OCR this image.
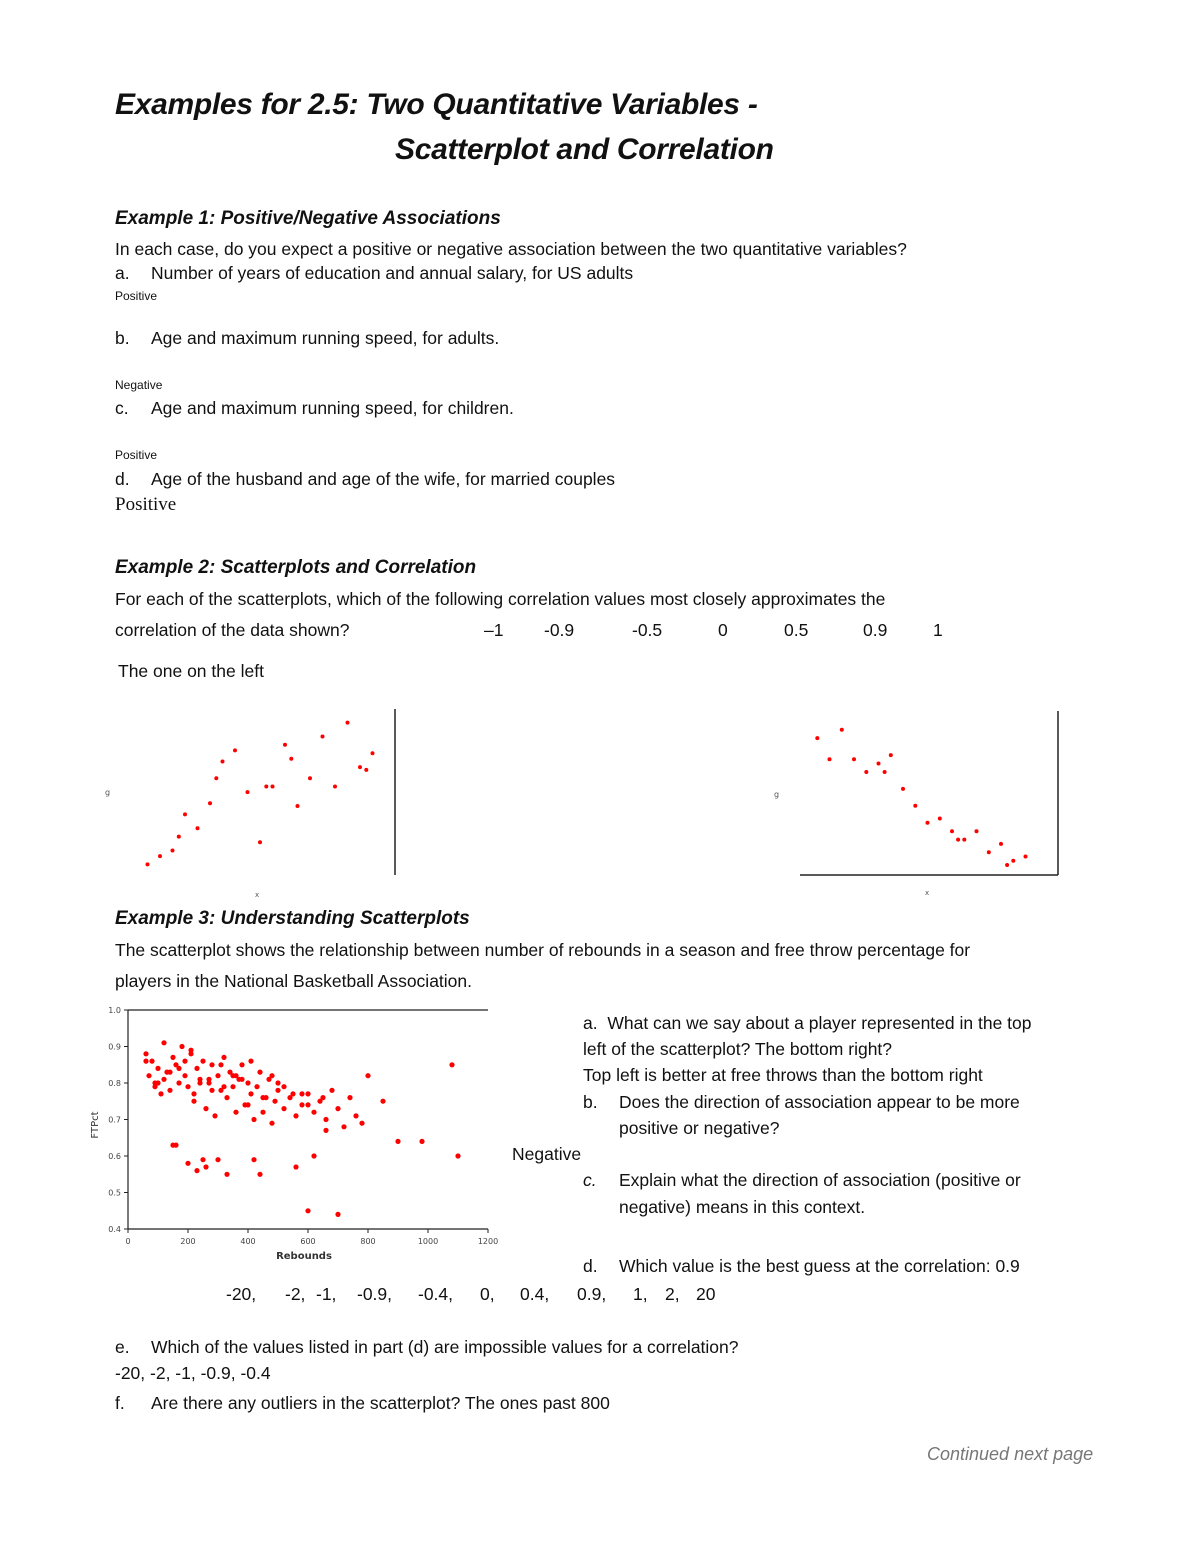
Examples for 2.5: Two Quantitative Variables -
Scatterplot and Correlation
Example 1: Positive/Negative Associations
In each case, do you expect a positive or negative association between the two quantitative variables?
a. Number of years of education and annual salary, for US adults
Positive
b. Age and maximum running speed, for adults.
Negative
c. Age and maximum running speed, for children.
Positive
d. Age of the husband and age of the wife, for married couples
Positive
Example 2: Scatterplots and Correlation
For each of the scatterplots, which of the following correlation values most closely approximates the
correlation of the data shown?	–1 -0.9	-0.5	0	0.5	0.9	1
The one on the left
g
x
g
x
Example 3: Understanding Scatterplots
The scatterplot shows the relationship between number of rebounds in a season and free throw percentage for
players in the National Basketball Association.
0	200	400	600	800	1000	1200
0.4
0.5
0.6
0.7
0.8
0.9
1.0
FTPct
Rebounds
a. What can we say about a player represented in the top
left of the scatterplot? The bottom right?
Top left is better at free throws than the bottom right
b. Does the direction of association appear to be more
positive or negative?
Negative
c. Explain what the direction of association (positive or
negative) means in this context.
d. Which value is the best guess at the correlation: 0.9
-20, -2, -1, -0.9, -0.4, 0, 0.4, 0.9, 1, 2, 20
e. Which of the values listed in part (d) are impossible values for a correlation?
-20, -2, -1, -0.9, -0.4
f. Are there any outliers in the scatterplot? The ones past 800
Continued next page
